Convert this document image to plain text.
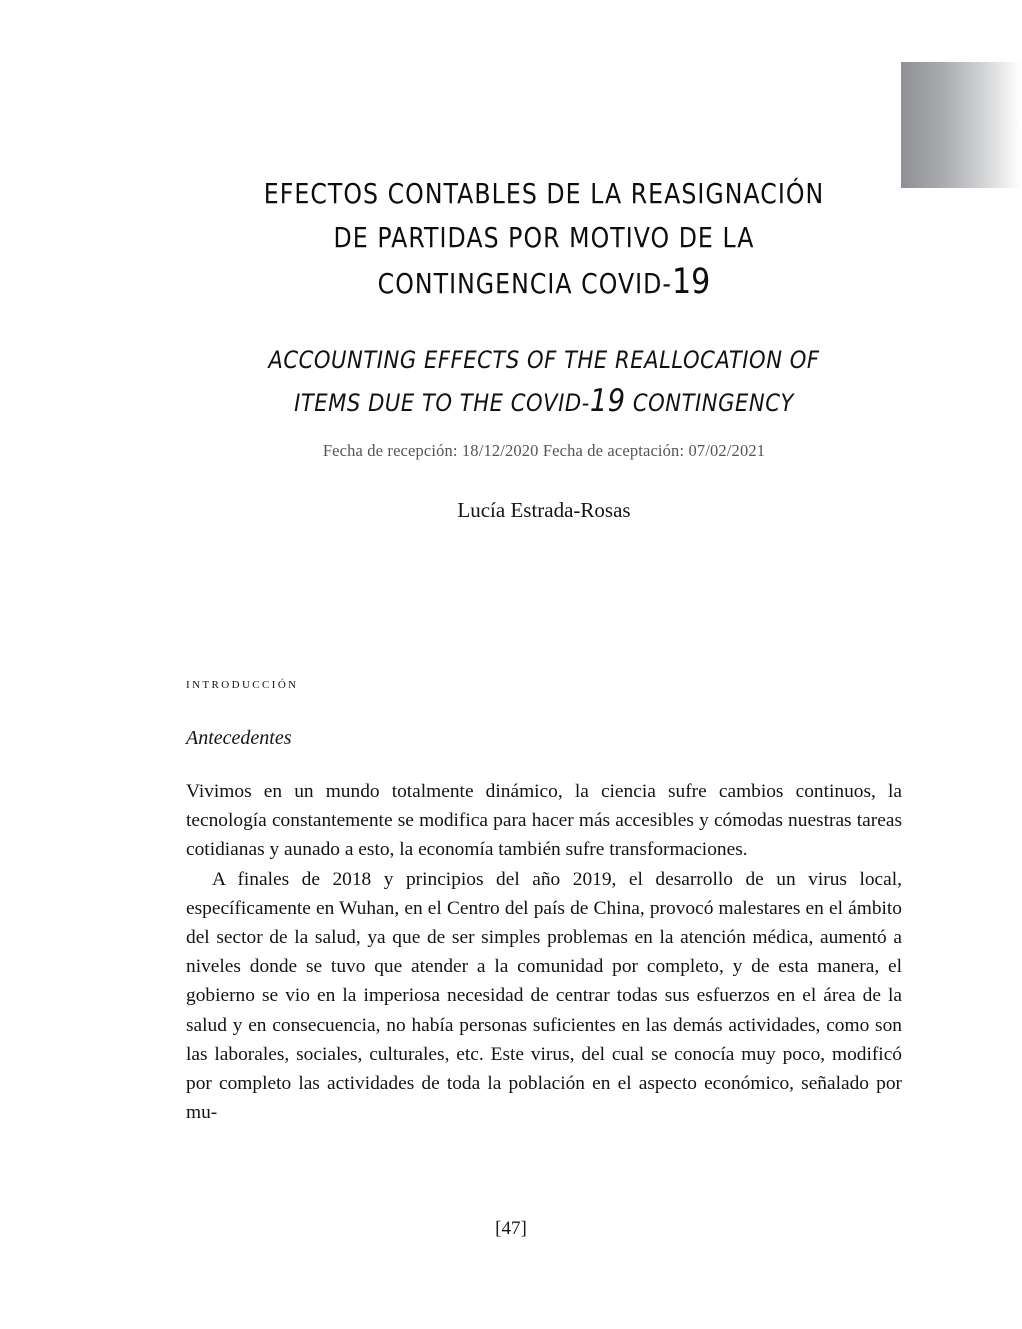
EFECTOS CONTABLES DE LA REASIGNACIÓN
DE PARTIDAS POR MOTIVO DE LA
CONTINGENCIA COVID-19
ACCOUNTING EFFECTS OF THE REALLOCATION OF
ITEMS DUE TO THE COVID-19 CONTINGENCY
Fecha de recepción: 18/12/2020 Fecha de aceptación: 07/02/2021
Lucía Estrada-Rosas
introducción
Antecedentes

Vivimos en un mundo totalmente dinámico, la ciencia sufre cambios continuos, la tecnología constantemente se modifica para hacer más accesibles y cómodas nuestras tareas cotidianas y aunado a esto, la economía también sufre transformaciones.

A finales de 2018 y principios del año 2019, el desarrollo de un virus local, específicamente en Wuhan, en el Centro del país de China, provocó malestares en el ámbito del sector de la salud, ya que de ser simples problemas en la atención médica, aumentó a niveles donde se tuvo que atender a la comunidad por completo, y de esta manera, el gobierno se vio en la imperiosa necesidad de centrar todas sus esfuerzos en el área de la salud y en consecuencia, no había personas suficientes en las demás actividades, como son las laborales, sociales, culturales, etc. Este virus, del cual se conocía muy poco, modificó por completo las actividades de toda la población en el aspecto económico, señalado por mu-

[47]
